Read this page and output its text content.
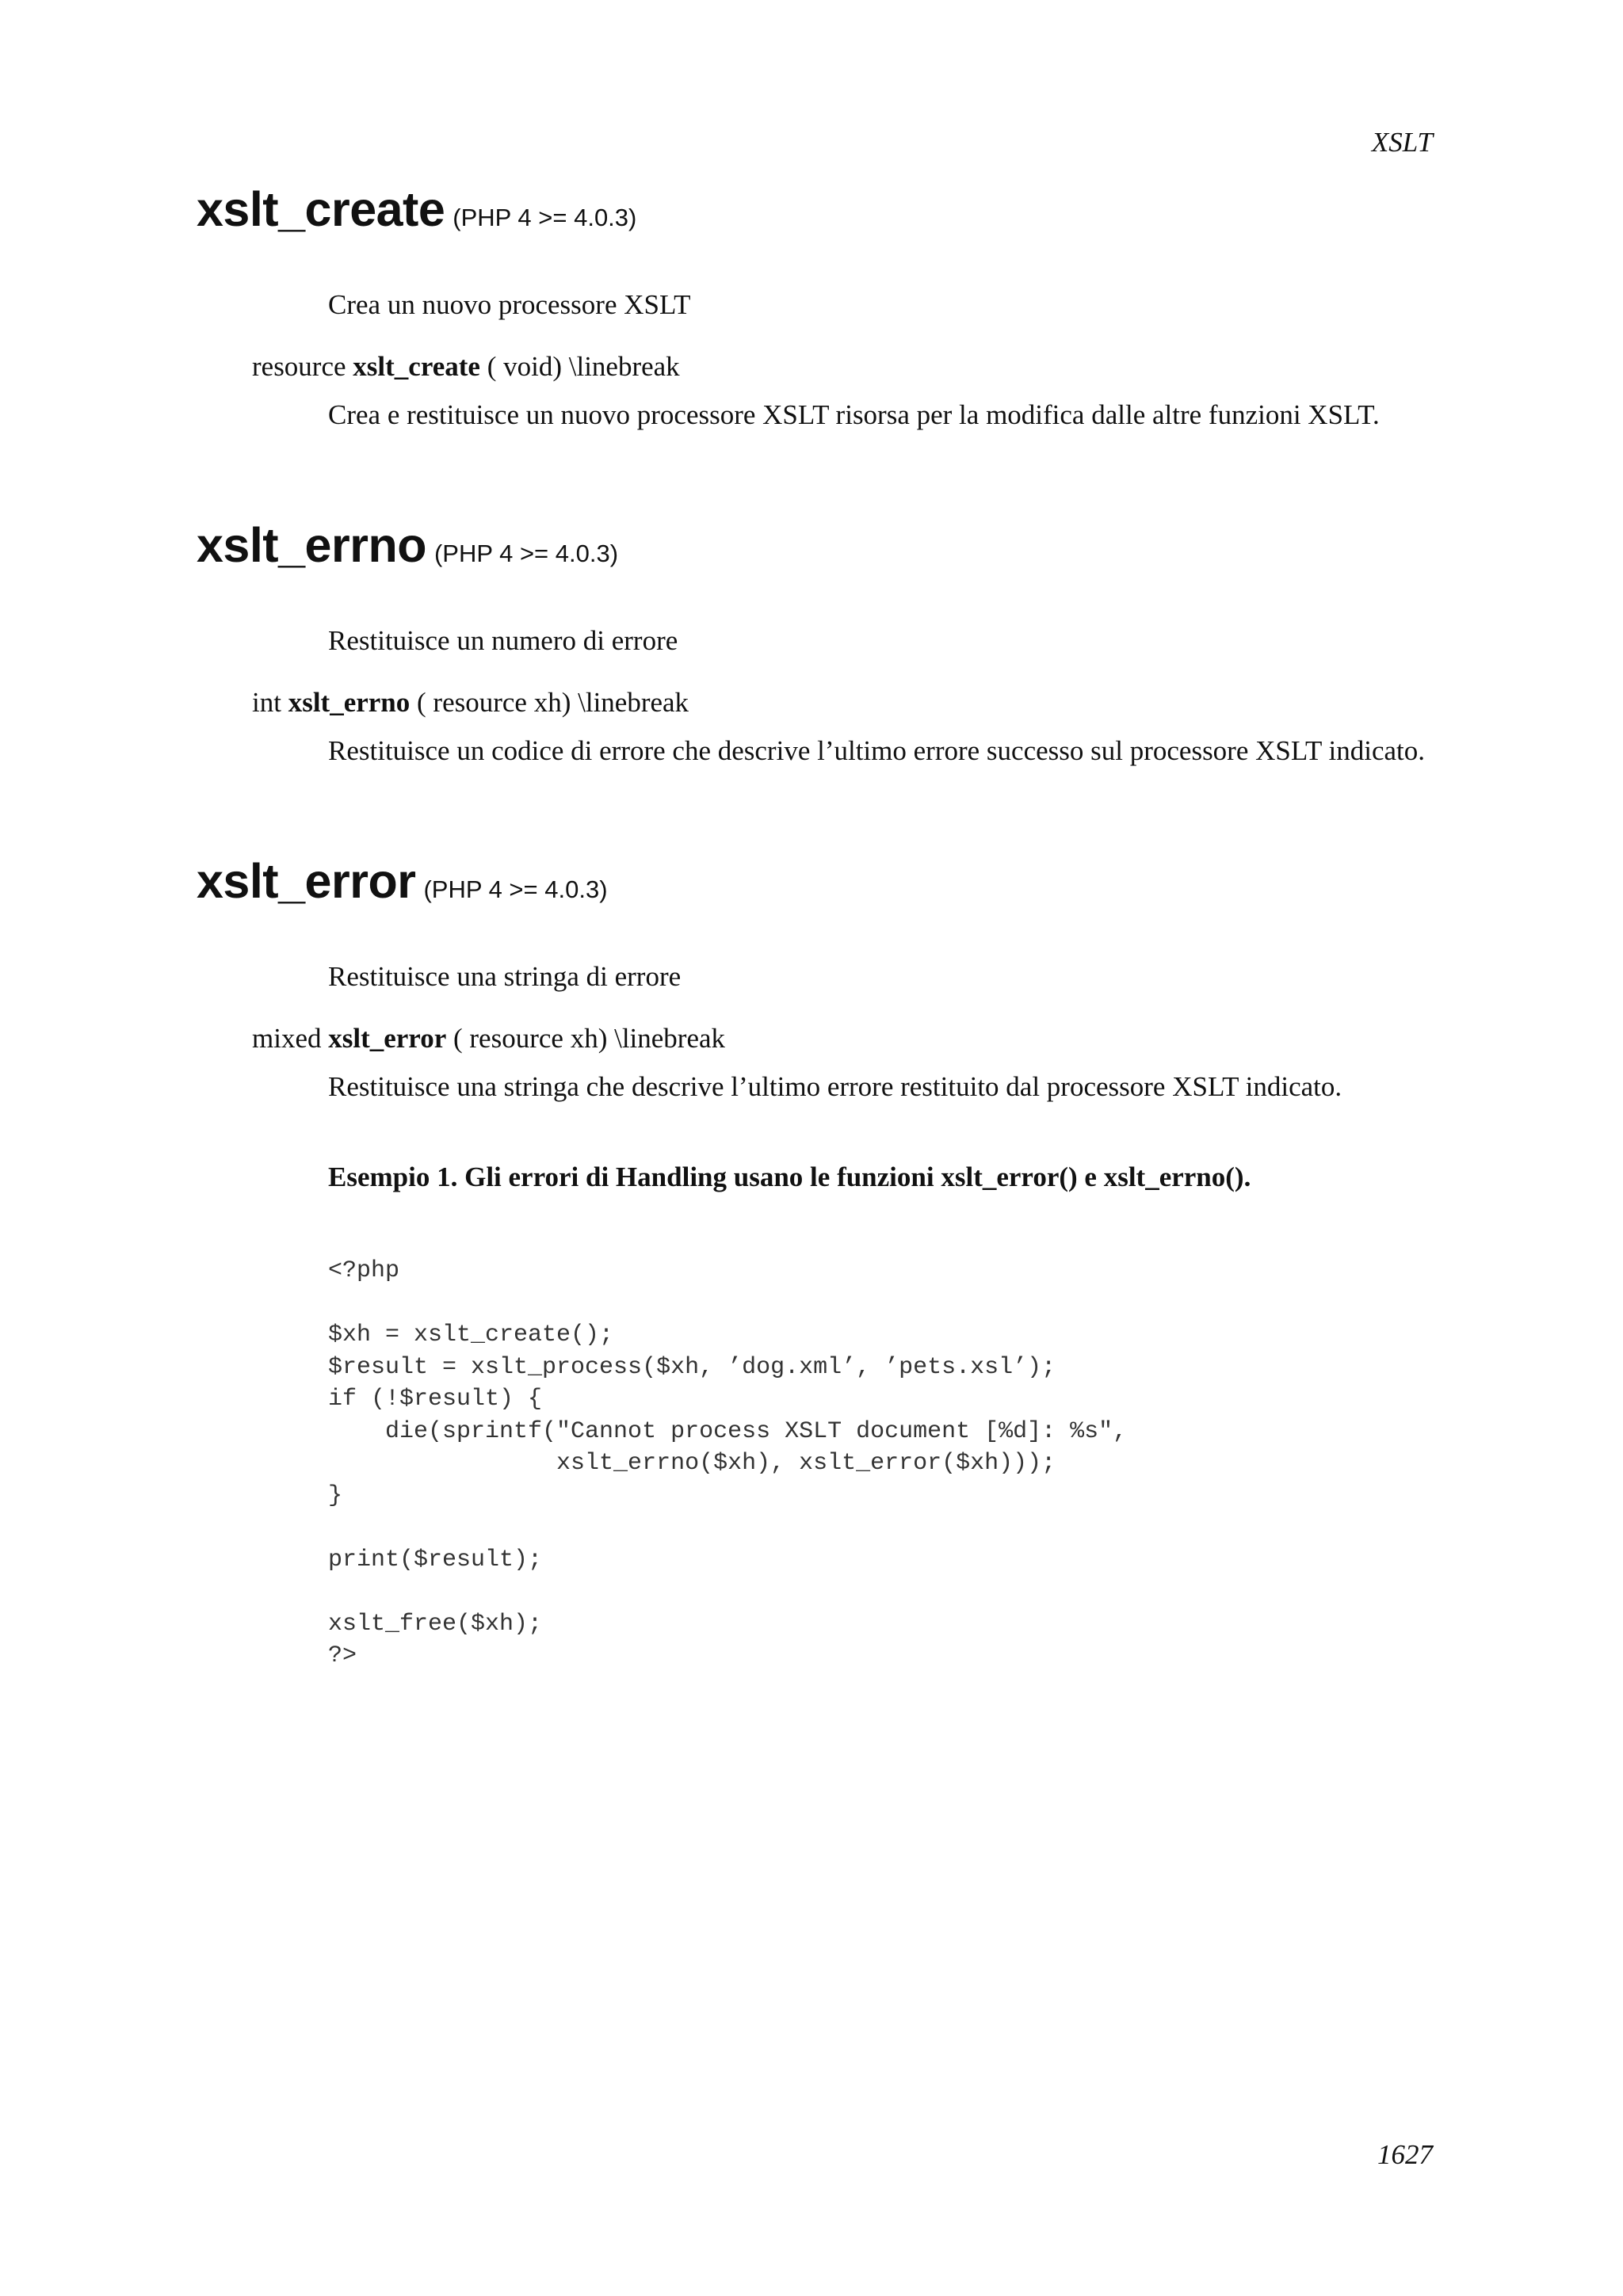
XSLT
xslt_create (PHP 4 >= 4.0.3)
Crea un nuovo processore XSLT
resource xslt_create ( void) \linebreak
Crea e restituisce un nuovo processore XSLT risorsa per la modifica dalle altre funzioni XSLT.
xslt_errno (PHP 4 >= 4.0.3)
Restituisce un numero di errore
int xslt_errno ( resource xh) \linebreak
Restituisce un codice di errore che descrive l’ultimo errore successo sul processore XSLT indicato.
xslt_error (PHP 4 >= 4.0.3)
Restituisce una stringa di errore
mixed xslt_error ( resource xh) \linebreak
Restituisce una stringa che descrive l’ultimo errore restituito dal processore XSLT indicato.
Esempio 1. Gli errori di Handling usano le funzioni xslt_error() e xslt_errno().
<?php

$xh = xslt_create();
$result = xslt_process($xh, ’dog.xml’, ’pets.xsl’);
if (!$result) {
die(sprintf("Cannot process XSLT document [%d]: %s",
xslt_errno($xh), xslt_error($xh)));
}

print($result);

xslt_free($xh);
?>
1627
